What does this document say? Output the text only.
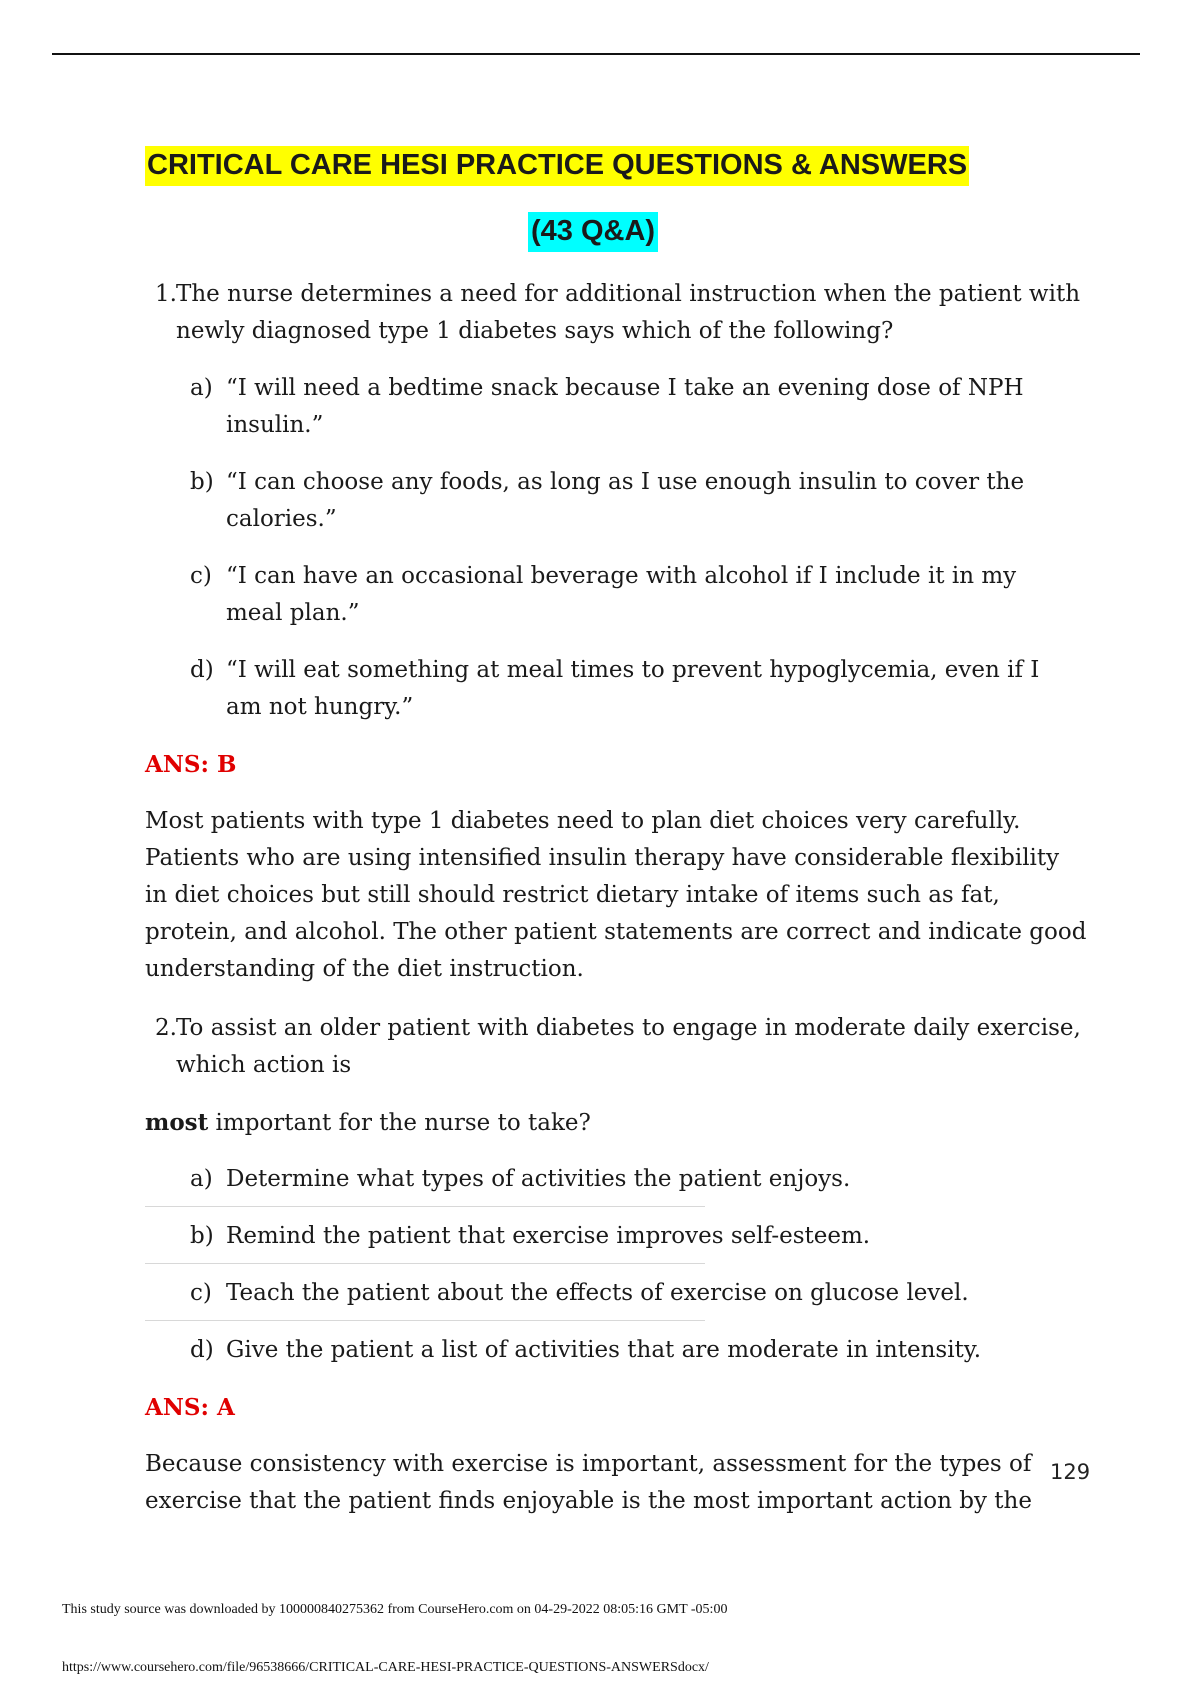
CRITICAL CARE HESI PRACTICE QUESTIONS & ANSWERS
(43 Q&A)
1. The nurse determines a need for additional instruction when the patient with

newly diagnosed type 1 diabetes says which of the following?

a) “I will need a bedtime snack because I take an evening dose of NPH
insulin.”
b) “I can choose any foods, as long as I use enough insulin to cover the
calories.”
c) “I can have an occasional beverage with alcohol if I include it in my
meal plan.”
d) “I will eat something at meal times to prevent hypoglycemia, even if I
am not hungry.”
ANS: B

Most patients with type 1 diabetes need to plan diet choices very carefully.

Patients who are using intensified insulin therapy have considerable flexibility

in diet choices but still should restrict dietary intake of items such as fat,

protein, and alcohol. The other patient statements are correct and indicate good

understanding of the diet instruction.

2. To assist an older patient with diabetes to engage in moderate daily exercise,

which action is

most important for the nurse to take?

a) Determine what types of activities the patient enjoys.
b) Remind the patient that exercise improves self-esteem.
c) Teach the patient about the effects of exercise on glucose level.
d) Give the patient a list of activities that are moderate in intensity.
ANS: A

Because consistency with exercise is important, assessment for the types of

exercise that the patient finds enjoyable is the most important action by the

129
This study source was downloaded by 100000840275362 from CourseHero.com on 04-29-2022 08:05:16 GMT -05:00
https://www.coursehero.com/file/96538666/CRITICAL-CARE-HESI-PRACTICE-QUESTIONS-ANSWERSdocx/
